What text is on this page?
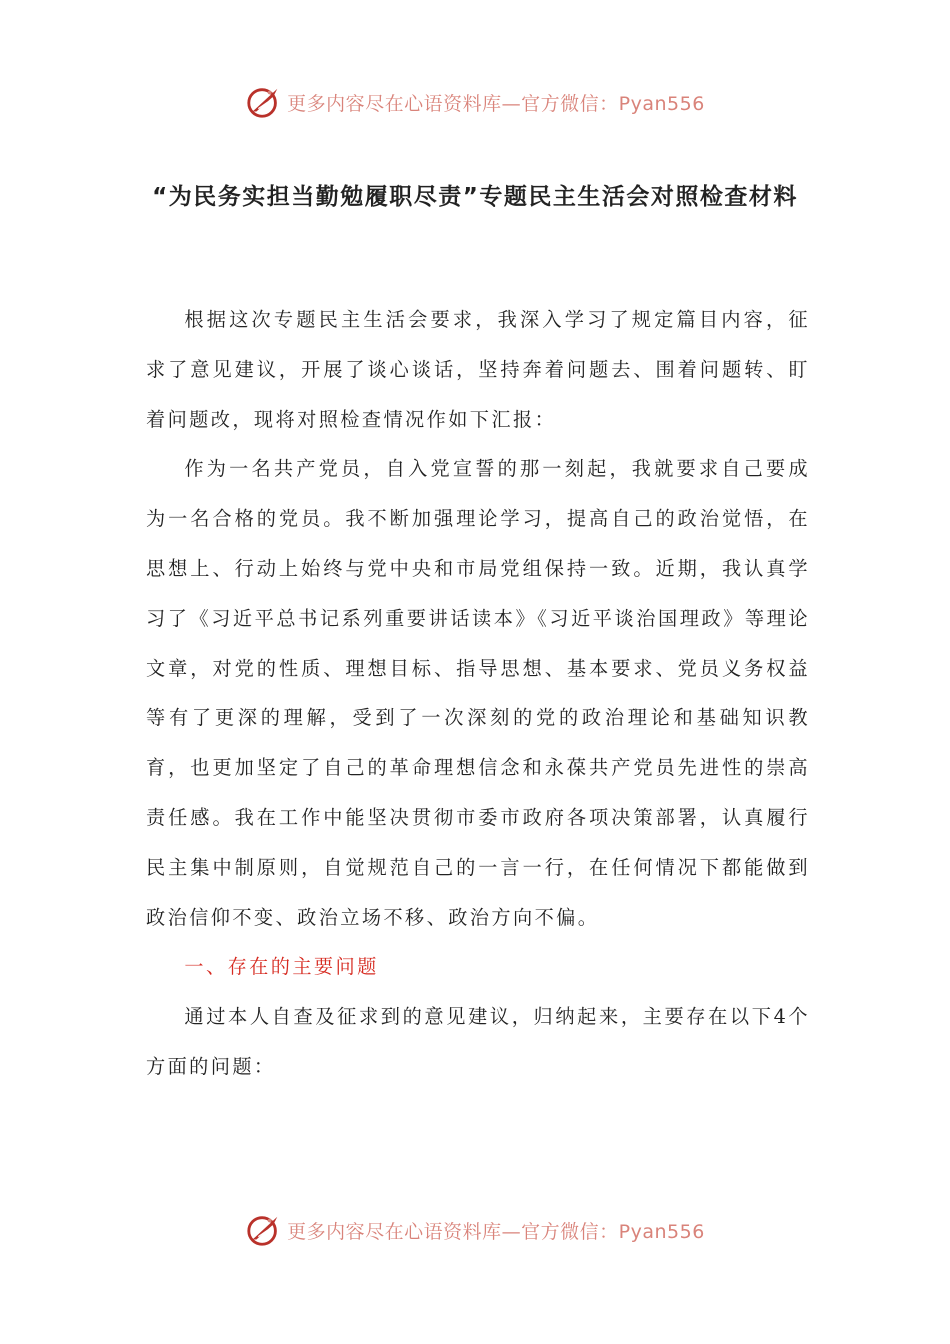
更多内容尽在心语资料库—官方微信：Pyan556
“为民务实担当勤勉履职尽责”专题民主生活会对照检查材料

根据这次专题民主生活会要求，我深入学习了规定篇目内容，征求了意见建议，开展了谈心谈话，坚持奔着问题去、围着问题转、盯着问题改，现将对照检查情况作如下汇报：

作为一名共产党员，自入党宣誓的那一刻起，我就要求自己要成为一名合格的党员。我不断加强理论学习，提高自己的政治觉悟，在思想上、行动上始终与党中央和市局党组保持一致。近期，我认真学习了《习近平总书记系列重要讲话读本》《习近平谈治国理政》等理论文章，对党的性质、理想目标、指导思想、基本要求、党员义务权益等有了更深的理解，受到了一次深刻的党的政治理论和基础知识教育，也更加坚定了自己的革命理想信念和永葆共产党员先进性的崇高责任感。我在工作中能坚决贯彻市委市政府各项决策部署，认真履行民主集中制原则，自觉规范自己的一言一行，在任何情况下都能做到政治信仰不变、政治立场不移、政治方向不偏。

一、存在的主要问题

通过本人自查及征求到的意见建议，归纳起来，主要存在以下4个方面的问题：

更多内容尽在心语资料库—官方微信：Pyan556
